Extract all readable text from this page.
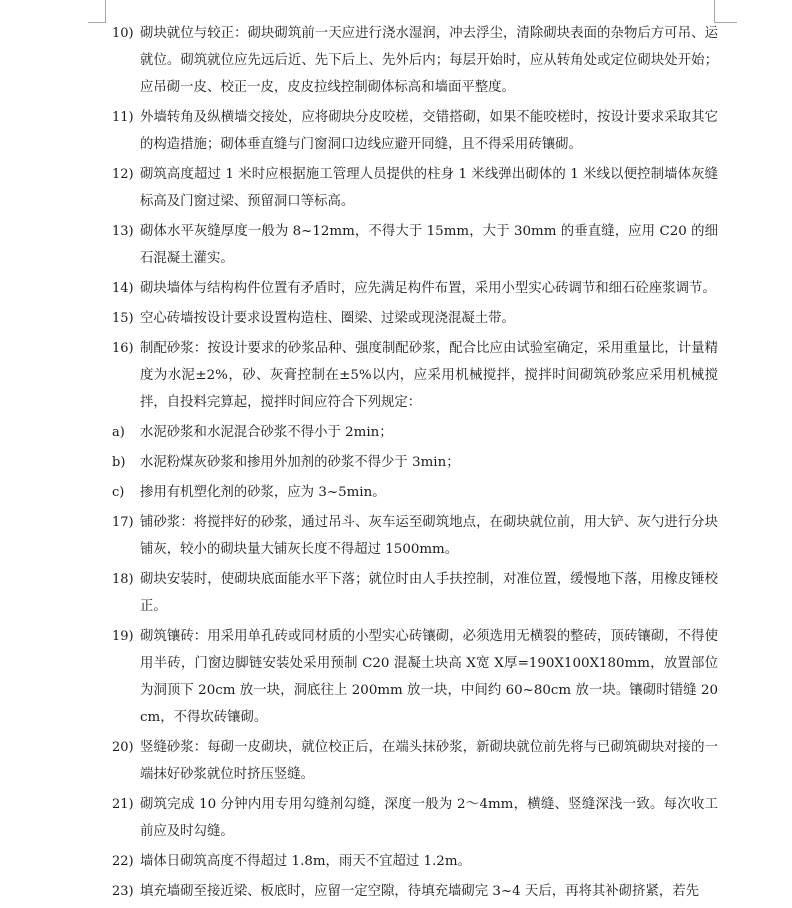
10) 砌块就位与较正：砌块砌筑前一天应进行浇水湿润，冲去浮尘，清除砌块表面的杂物后方可吊、运就位。砌筑就位应先远后近、先下后上、先外后内；每层开始时，应从转角处或定位砌块处开始；应吊砌一皮、校正一皮，皮皮拉线控制砌体标高和墙面平整度。

11) 外墙转角及纵横墙交接处，应将砌块分皮咬槎，交错搭砌，如果不能咬槎时，按设计要求采取其它的构造措施；砌体垂直缝与门窗洞口边线应避开同缝，且不得采用砖镶砌。

12) 砌筑高度超过 1 米时应根据施工管理人员提供的柱身 1 米线弹出砌体的 1 米线以便控制墙体灰缝标高及门窗过梁、预留洞口等标高。

13) 砌体水平灰缝厚度一般为 8~12mm，不得大于 15mm，大于 30mm 的垂直缝，应用 C20 的细石混凝土灌实。

14) 砌块墙体与结构构件位置有矛盾时，应先满足构件布置，采用小型实心砖调节和细石砼座浆调节。

15) 空心砖墙按设计要求设置构造柱、圈梁、过梁或现浇混凝土带。

16) 制配砂浆：按设计要求的砂浆品种、强度制配砂浆，配合比应由试验室确定，采用重量比，计量精度为水泥±2%，砂、灰膏控制在±5%以内，应采用机械搅拌，搅拌时间砌筑砂浆应采用机械搅拌，自投料完算起，搅拌时间应符合下列规定：

a) 水泥砂浆和水泥混合砂浆不得小于 2min；

b) 水泥粉煤灰砂浆和掺用外加剂的砂浆不得少于 3min；

c) 掺用有机塑化剂的砂浆，应为 3~5min。

17) 铺砂浆：将搅拌好的砂浆，通过吊斗、灰车运至砌筑地点，在砌块就位前，用大铲、灰勺进行分块铺灰，较小的砌块量大铺灰长度不得超过 1500mm。

18) 砌块安装时，使砌块底面能水平下落；就位时由人手扶控制，对准位置，缓慢地下落，用橡皮锤校正。

19) 砌筑镶砖：用采用单孔砖或同材质的小型实心砖镶砌，必须选用无横裂的整砖，顶砖镶砌，不得使用半砖，门窗边脚链安装处采用预制 C20 混凝土块高 X宽 X厚=190X100X180mm，放置部位为洞顶下 20cm 放一块，洞底往上 200mm 放一块，中间约 60~80cm 放一块。镶砌时错缝 20cm，不得坎砖镶砌。

20) 竖缝砂浆：每砌一皮砌块，就位校正后，在端头抹砂浆，新砌块就位前先将与已砌筑砌块对接的一端抹好砂浆就位时挤压竖缝。

21) 砌筑完成 10 分钟内用专用勾缝剂勾缝，深度一般为 2～4mm，横缝、竖缝深浅一致。每次收工前应及时勾缝。

22) 墙体日砌筑高度不得超过 1.8m，雨天不宜超过 1.2m。

23) 填充墙砌至接近梁、板底时，应留一定空隙，待填充墙砌完 3~4 天后，再将其补砌挤紧，若先
